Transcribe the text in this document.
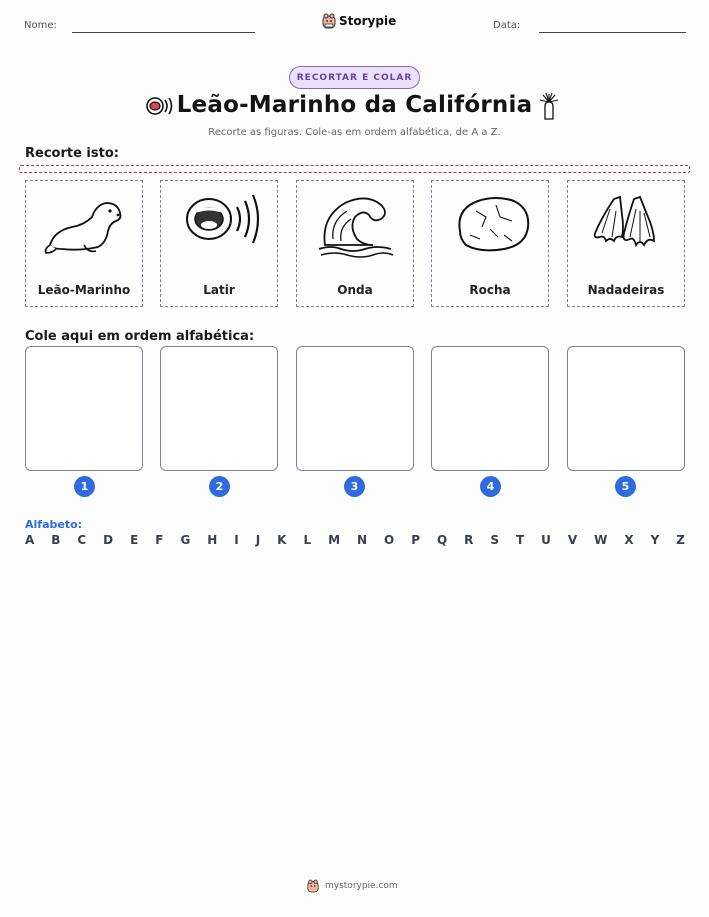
Nome:	Storypie	Data:
RECORTAR E COLAR
Leão-Marinho da Califórnia
Recorte as figuras. Cole-as em ordem alfabética, de A a Z.
Recorte isto:
Leão-Marinho	Latir	Onda	Rocha	Nadadeiras
Cole aqui em ordem alfabética:
1	2	3	4	5
Alfabeto:
A B C D E F G H I J K L M N O P Q R S T U V W X Y Z
mystorypie.com
